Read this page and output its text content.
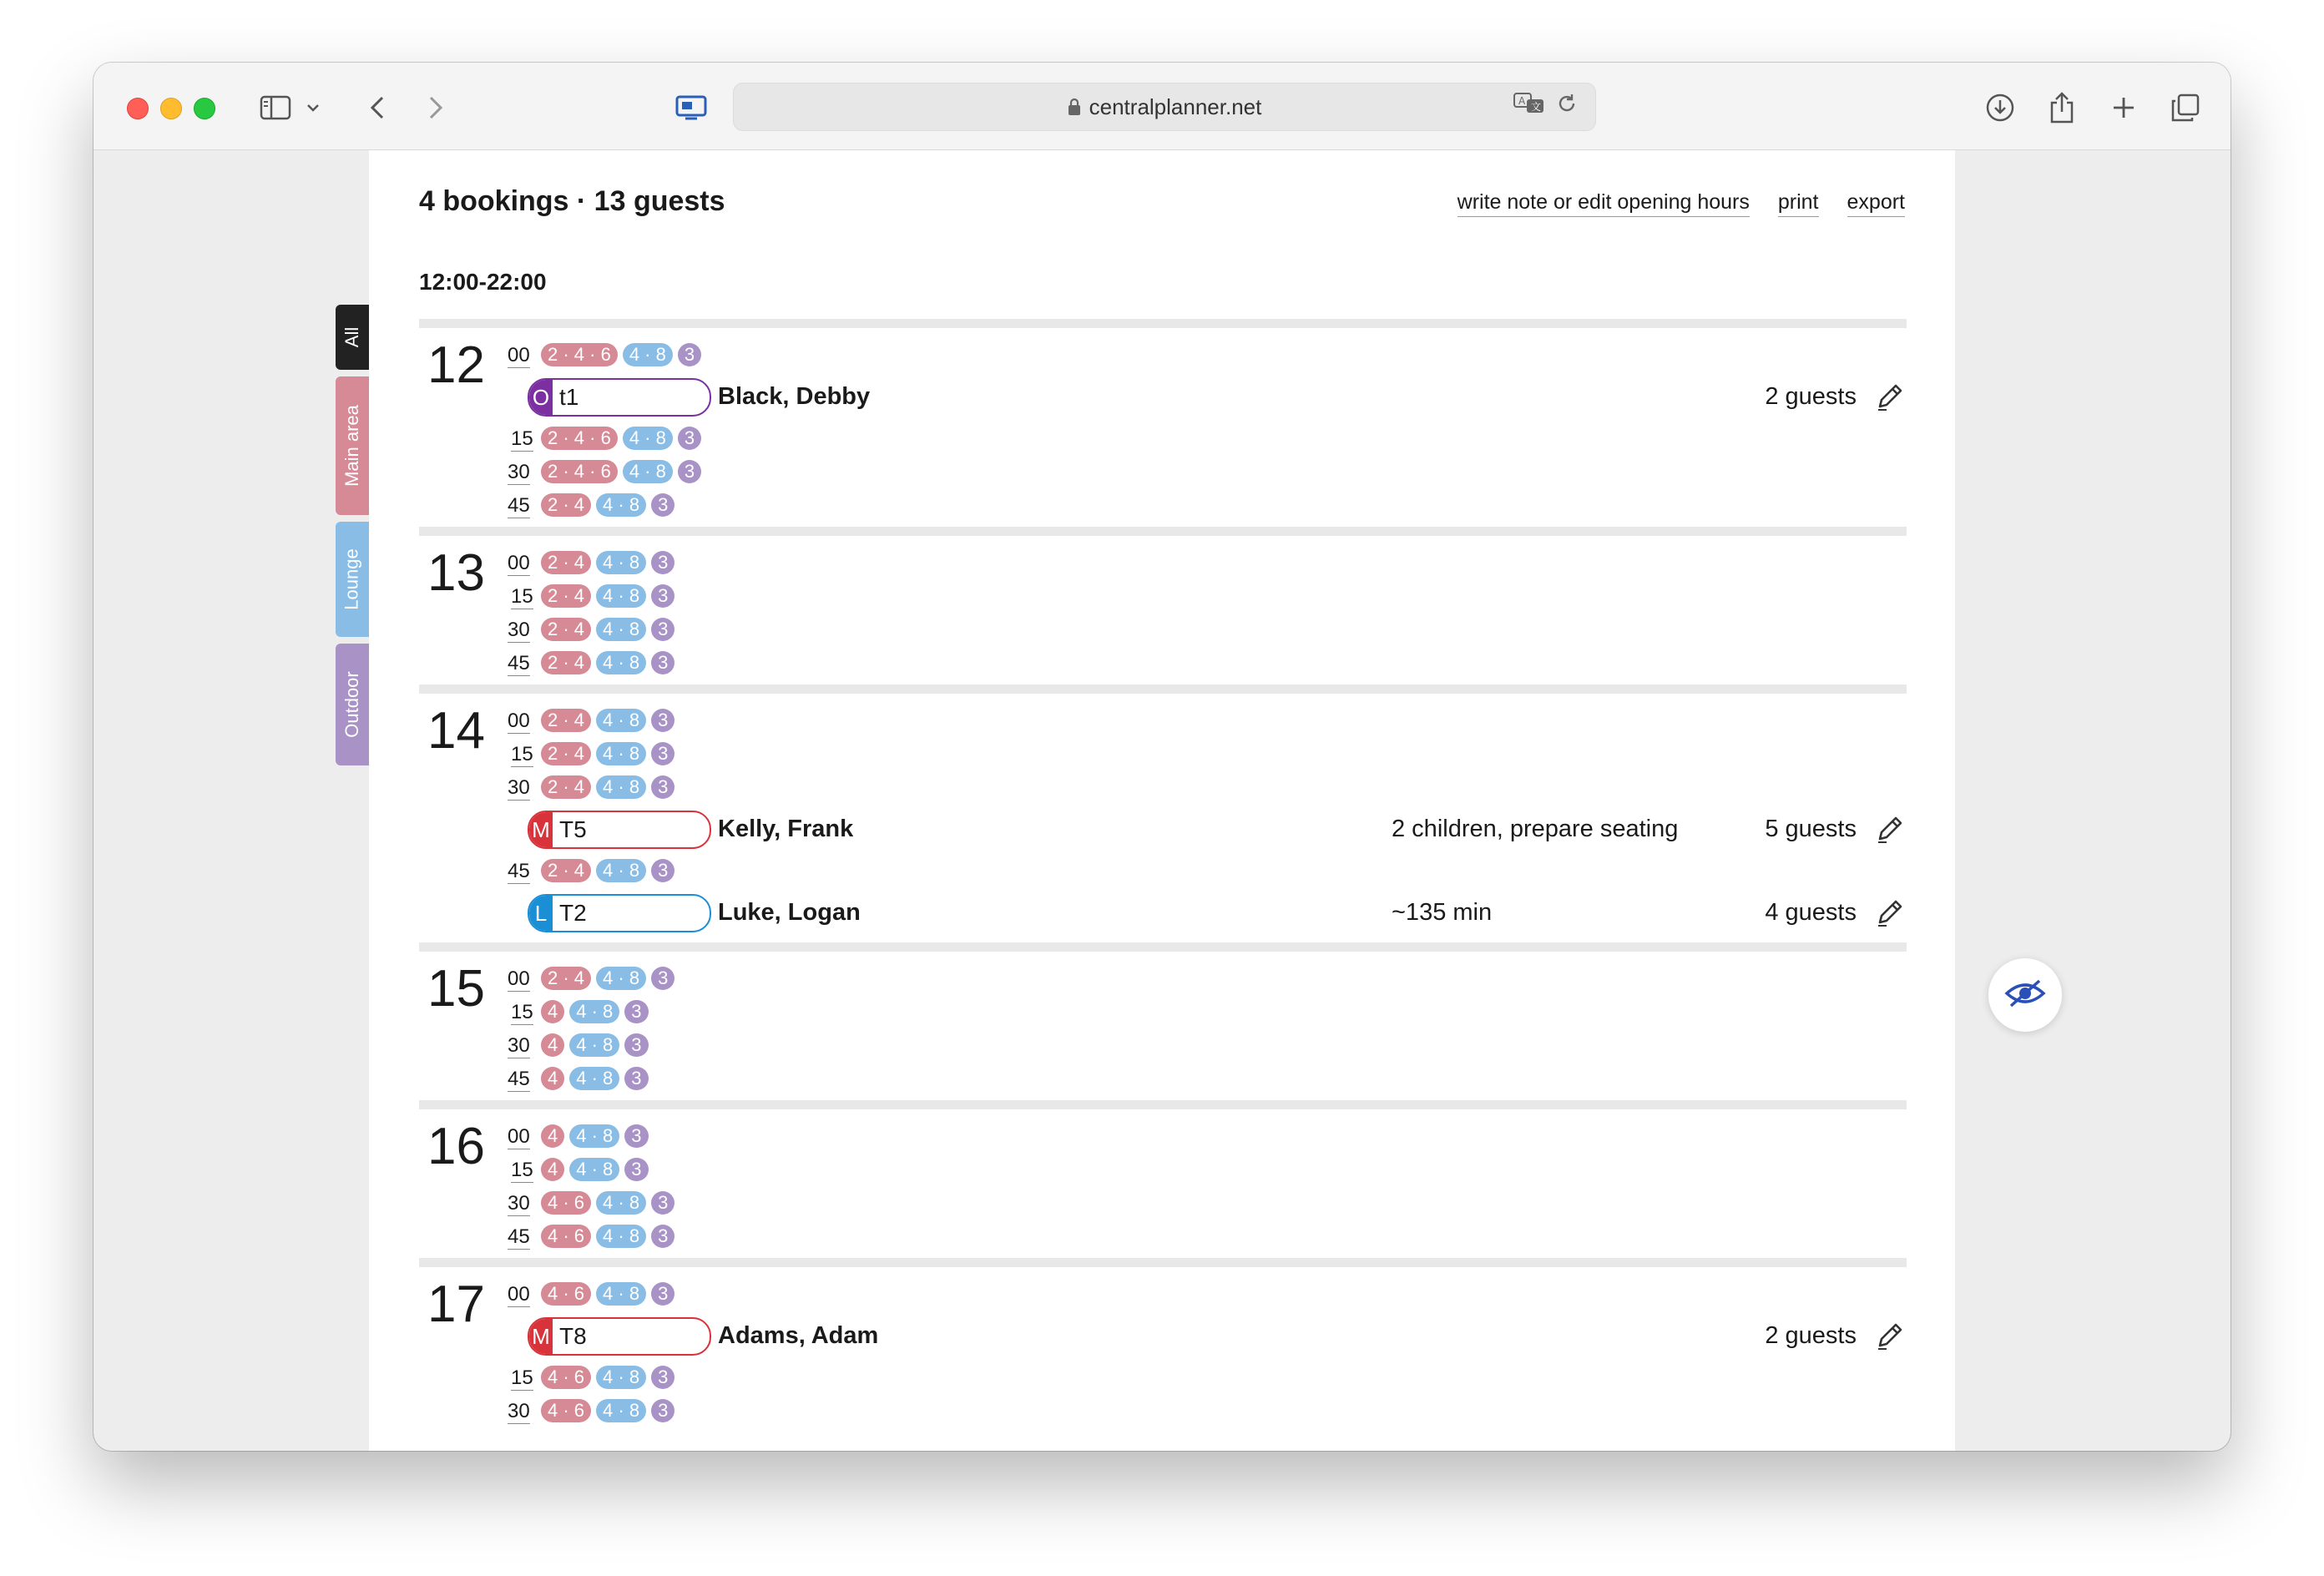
centralplanner.net	A 文
All
Main area
Lounge
Outdoor
4 bookings · 13 guests	write note or edit opening hours print export
12:00-22:00
12 00 2 · 4 · 6	4 · 8	3
O t1	Black, Debby	2 guests
15 2 · 4 · 6	4 · 8	3
30 2 · 4 · 6	4 · 8	3
45 2 · 4	4 · 8	3
13 00 2 · 4	4 · 8	3
15 2 · 4	4 · 8	3
30 2 · 4	4 · 8	3
45 2 · 4	4 · 8	3
14 00 2 · 4	4 · 8	3
15 2 · 4	4 · 8	3
30 2 · 4	4 · 8	3
M T5	Kelly, Frank	2 children, prepare seating	5 guests
45 2 · 4	4 · 8	3
L T2	Luke, Logan	~135 min	4 guests
15 00 2 · 4	4 · 8	3
15 4	4 · 8	3
30 4	4 · 8	3
45 4	4 · 8	3
16 00 4	4 · 8	3
15 4	4 · 8	3
30 4 · 6	4 · 8	3
45 4 · 6	4 · 8	3
17 00 4 · 6	4 · 8	3
M T8	Adams, Adam	2 guests
15 4 · 6	4 · 8	3
30 4 · 6	4 · 8	3
